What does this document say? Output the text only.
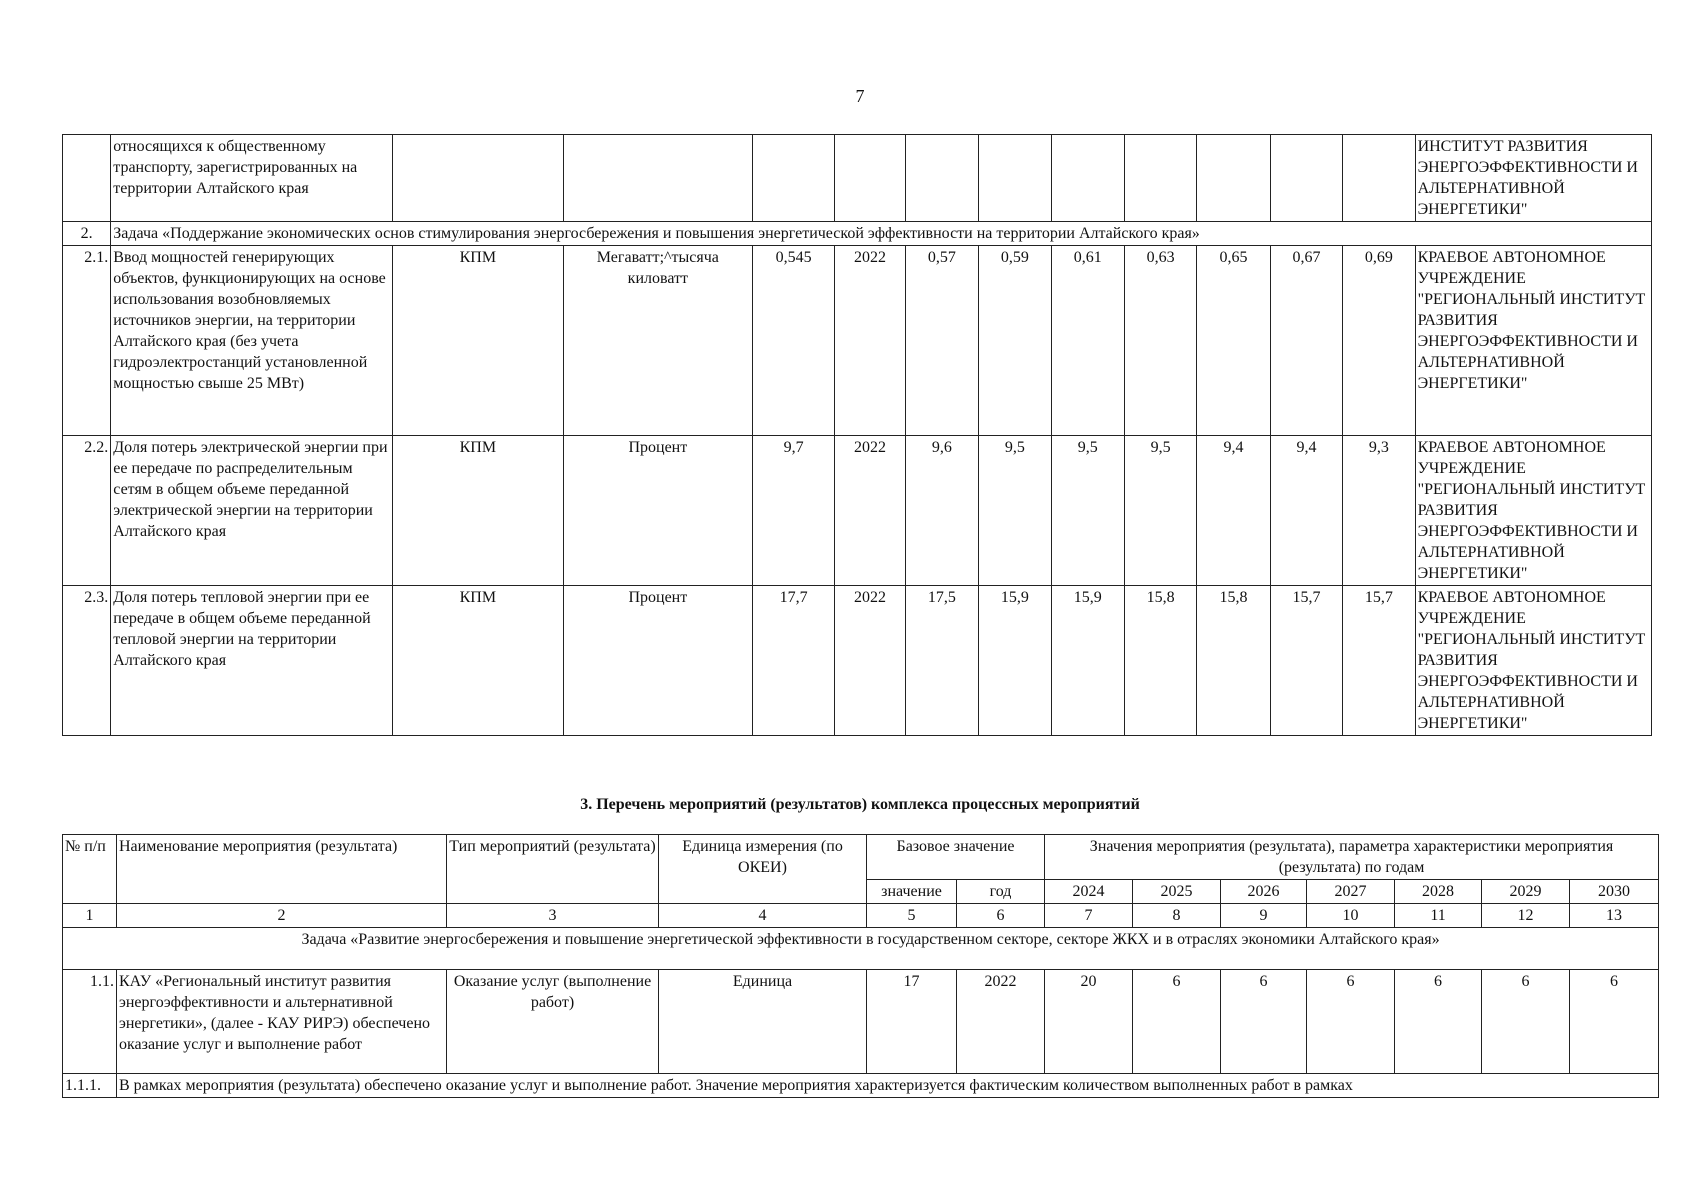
7
	относящихся к общественному транспорту, зарегистрированных на территории Алтайского края												ИНСТИТУТ РАЗВИТИЯ ЭНЕРГОЭФФЕКТИВНОСТИ И АЛЬТЕРНАТИВНОЙ ЭНЕРГЕТИКИ"
2.	Задача «Поддержание экономических основ стимулирования энергосбережения и повышения энергетической эффективности на территории Алтайского края»												
2.1.	Ввод мощностей генерирующих объектов, функционирующих на основе использования возобновляемых источников энергии, на территории Алтайского края (без учета гидроэлектростанций установленной мощностью свыше 25 МВт)	КПМ	Мегаватт;^тысяча киловатт	0,545	2022	0,57	0,59	0,61	0,63	0,65	0,67	0,69	КРАЕВОЕ АВТОНОМНОЕ УЧРЕЖДЕНИЕ "РЕГИОНАЛЬНЫЙ ИНСТИТУТ РАЗВИТИЯ ЭНЕРГОЭФФЕКТИВНОСТИ И АЛЬТЕРНАТИВНОЙ ЭНЕРГЕТИКИ"
2.2.	Доля потерь электрической энергии при ее передаче по распределительным сетям в общем объеме переданной электрической энергии на территории Алтайского края	КПМ	Процент	9,7	2022	9,6	9,5	9,5	9,5	9,4	9,4	9,3	КРАЕВОЕ АВТОНОМНОЕ УЧРЕЖДЕНИЕ "РЕГИОНАЛЬНЫЙ ИНСТИТУТ РАЗВИТИЯ ЭНЕРГОЭФФЕКТИВНОСТИ И АЛЬТЕРНАТИВНОЙ ЭНЕРГЕТИКИ"
2.3.	Доля потерь тепловой энергии при ее передаче в общем объеме переданной тепловой энергии на территории Алтайского края	КПМ	Процент	17,7	2022	17,5	15,9	15,9	15,8	15,8	15,7	15,7	КРАЕВОЕ АВТОНОМНОЕ УЧРЕЖДЕНИЕ "РЕГИОНАЛЬНЫЙ ИНСТИТУТ РАЗВИТИЯ ЭНЕРГОЭФФЕКТИВНОСТИ И АЛЬТЕРНАТИВНОЙ ЭНЕРГЕТИКИ"
3. Перечень мероприятий (результатов) комплекса процессных мероприятий
№ п/п	Наименование мероприятия (результата)	Тип мероприятий (результата)	Единица измерения (по ОКЕИ)	Базовое значение		Значения мероприятия (результата), параметра характеристики мероприятия (результата) по годам						
				значение	год	2024	2025	2026	2027	2028	2029	2030
1	2	3	4	5	6	7	8	9	10	11	12	13
Задача «Развитие энергосбережения и повышение энергетической эффективности в государственном секторе, секторе ЖКХ и в отраслях экономики Алтайского края»												
1.1.	КАУ «Региональный институт развития энергоэффективности и альтернативной энергетики», (далее - КАУ РИРЭ) обеспечено оказание услуг и выполнение работ	Оказание услуг (выполнение работ)	Единица	17	2022	20	6	6	6	6	6	6
1.1.1.	В рамках мероприятия (результата) обеспечено оказание услуг и выполнение работ. Значение мероприятия характеризуется фактическим количеством выполненных работ в рамках											
